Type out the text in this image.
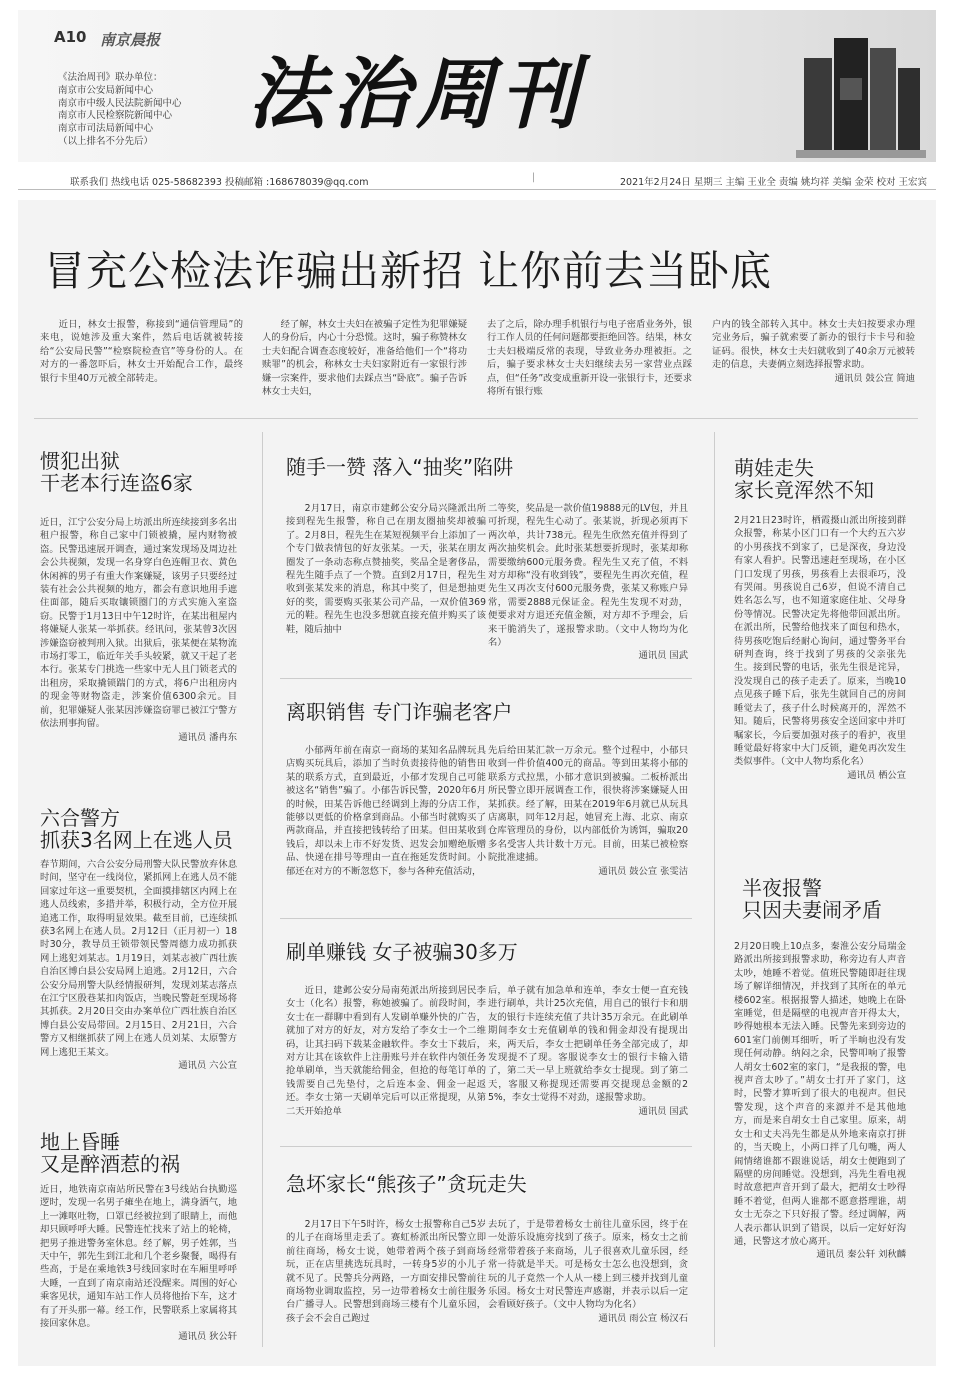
A10 南京晨报
《法治周刊》联办单位：
南京市公安局新闻中心
南京市中级人民法院新闻中心
南京市人民检察院新闻中心
南京市司法局新闻中心
（以上排名不分先后）
法治周刊
联系我们 热线电话 025-58682393 投稿邮箱 :168678039@qq.com	|	2021年2月24日 星期三 主编 王业全 责编 姚均祥 美编 金荣 校对 王宏宾
冒充公检法诈骗出新招 让你前去当卧底
近日，林女士报警，称接到“通信管理局”的来电，说她涉及重大案件，然后电话就被转接给“公安局民警”“检察院检查官”等身份的人。在对方的一番忽吓后，林女士开始配合工作，最终银行卡里40万元被全部转走。
经了解，林女士夫妇在被骗子定性为犯罪嫌疑人的身份后，内心十分恐慌。这时，骗子称赞林女士夫妇配合调查态度较好，准备给他们一个“将功赎罪”的机会，称林女士夫妇家附近有一家银行涉嫌一宗案件，要求他们去踩点当“卧底”。骗子告诉林女士夫妇，
去了之后，除办理手机银行与电子密盾业务外，银行工作人员的任何问题都要拒绝回答。结果，林女士夫妇极端反常的表现，导致业务办理被拒。之后，骗子要求林女士夫妇继续去另一家营业点踩点，但“任务”改变成重新开设一张银行卡，还要求将所有银行账
户内的钱全部转入其中。林女士夫妇按要求办理完业务后，骗子就索要了新办的银行卡卡号和验证码。很快，林女士夫妇就收到了40余万元被转走的信息，夫妻俩立刻选择报警求助。
通讯员 鼓公宣 简迪
惯犯出狱
干老本行连盗6家
近日，江宁公安分局上坊派出所连续接到多名出租户报警，称自己家中门锁被撬，屋内财物被盗。民警迅速展开调查，通过案发现场及周边社会公共视频，发现一名身穿白色连帽卫衣、黄色休闲裤的男子有重大作案嫌疑，该男子只要经过装有社会公共视频的地方，都会有意识地用手遮住面部，随后买取镶锁圈门的方式实施入室盗窃。民警于1月13日中午12时许，在某出租屋内将嫌疑人张某一举抓获。经讯问，张某曾3次因涉嫌盗窃被判刑入狱。出狱后，张某便在某物流市场打零工，临近年关手头较紧，就又干起了老本行。张某专门挑选一些家中无人且门锁老式的出租房，采取撬锁踹门的方式，将6户出租房内的现金等财物盗走，涉案价值6300余元。目前，犯罪嫌疑人张某因涉嫌盗窃罪已被江宁警方依法刑事拘留。
通讯员 潘冉东
六合警方
抓获3名网上在逃人员
春节期间，六合公安分局刑警大队民警放弃休息时间，坚守在一线岗位，紧抓网上在逃人员不能回家过年这一重要契机，全面摸排辖区内网上在逃人员线索，多措并举，积极行动，全方位开展追逃工作，取得明显效果。截至目前，已连续抓获3名网上在逃人员。2月12日（正月初一）18时30分，教导员王锁带领民警周德力成功抓获网上逃犯刘某志。1月19日，刘某志被广西壮族自治区博白县公安局网上追逃。2月12日，六合公安分局刑警大队经情报研判，发现刘某志落点在江宁区殷巷某扣肉饭店，当晚民警赶至现场将其抓获。2月20日交由办案单位广西壮族自治区博白县公安局带回。2月15日、2月21日，六合警方又相继抓获了网上在逃人员刘某、太原警方网上逃犯王某文。
通讯员 六公宣
地上昏睡
又是醉酒惹的祸
近日，地铁南京南站所民警在3号线站台执勤巡逻时，发现一名男子瘫坐在地上，满身酒气，地上一滩呕吐物，口罩已经被拉到了眼睛上，而他却只顾呼呼大睡。民警连忙找来了站上的轮椅，把男子推进警务室休息。经了解，男子姓郭，当天中午，郭先生到江北和几个老乡聚餐，喝得有些高，于是在乘地铁3号线回家时在车厢里呼呼大睡，一直到了南京南站还没醒来。周围的好心乘客见状，通知车站工作人员将他抬下车，这才有了开头那一幕。经工作，民警联系上家属将其接回家休息。
通讯员 狄公轩
随手一赞 落入“抽奖”陷阱
2月17日，南京市建邺公安分局兴隆派出所接到程先生报警，称自己在朋友圈抽奖却被骗了。2月8日，程先生在某短视频平台上添加了一个专门做表情包的好友张某。一天，张某在朋友圈发了一条动态称点赞抽奖，奖品全是奢侈品，程先生随手点了一个赞。直到2月17日，程先生收到张某发来的消息，称其中奖了，但是想抽更好的奖，需要购买张某公司产品，一双价值369元的鞋。程先生也没多想就直接充值并购买了该鞋，随后抽中
二等奖，奖品是一款价值19888元的LV包，并且可折现，程先生心动了。张某说，折现必须再下两次单，共计738元。程先生欣然充值并得到了两次抽奖机会。此时张某想要折现时，张某却称需要缴纳600元服务费。程先生又充了值，不料对方却称“没有收到钱”，要程先生再次充值，程先生又再次支付600元服务费，张某又称账户异常，需要2888元保证金。程先生发现不对劲，便要求对方退还充值金额，对方却不予理会，后来干脆消失了，遂报警求助。（文中人物均为化名）
通讯员 国武
离职销售 专门诈骗老客户
小郁两年前在南京一商场的某知名品牌玩具店购买玩具后，添加了当时负责接待他的销售田某的联系方式，直到最近，小郁才发现自己可能被这名“销售”骗了。小郁告诉民警，2020年6月的时候，田某告诉他已经调到上海的分店工作，能够以更低的价格拿到商品。小郁当时就购买了两款商品，并直接把钱转给了田某。但田某收到钱后，却以未上市不好发货、迟发会加赠绝版赠品、快递在排号等理由一直在拖延发货时间。小郁还在对方的不断忽悠下，参与各种充值活动，
先后给田某汇款一万余元。整个过程中，小郁只收到一件价值400元的商品。等到田某将小郁的联系方式拉黑，小郁才意识到被骗。二板桥派出所民警立即开展调查工作，很快将涉案嫌疑人田某抓获。经了解，田某在2019年6月就已从玩具店离职，同年12月起，她冒充上海、北京、南京仓库管理员的身份，以内部低价为诱饵，骗取20多名受害人共计数十万元。目前，田某已被检察院批准逮捕。
通讯员 鼓公宣 张雯洁
刷单赚钱 女子被骗30多万
近日，建邺公安分局南苑派出所接到居民李女士（化名）报警，称她被骗了。前段时间，李女士在一群聊中看到有人发刷单赚外快的广告，就加了对方的好友，对方发给了李女士一个二维码，让其扫码下载某金融软件。李女士下载后，对方让其在该软件上注册账号并在软件内领任务抢单刷单，当天就能给佣金，但抢的每笔订单的钱需要自己先垫付，之后连本金、佣金一起返还。李女士第一天刷单完后可以正常提现，从第二天开始抢单
后，单子就有加急单和连单，李女士便一直充钱进行刷单，共计25次充值，用自己的银行卡和朋友的银行卡连续充值了共计35万余元。在此刷单期间李女士充值刷单的钱和佣金却没有提现出来，两天后，李女士把刷单任务全部完成了，却发现提不了现。客服说李女士的银行卡输入错了，第二天一早上班就给李女士提现。到了第二天，客服又称提现还需要再交提现总金额的25%，李女士觉得不对劲，遂报警求助。
通讯员 国武
急坏家长“熊孩子”贪玩走失
2月17日下午5时许，杨女士报警称自己5岁的儿子在商场里走丢了。赛虹桥派出所民警立即前往商场，杨女士说，她带着两个孩子到商场玩，正在店里挑选玩具时，一转身5岁的小儿子就不见了。民警兵分两路，一方面安排民警前往商场物业调取监控，另一边带着杨女士前往服务台广播寻人。民警想到商场三楼有个儿童乐园，孩子会不会自己跑过
去玩了，于是带着杨女士前往儿童乐园，终于在一处游乐设施旁找到了孩子。原来，杨女士之前经常带着孩子来商场，儿子很喜欢儿童乐园，经常一待就是半天。可是杨女士怎么也没想到，贪玩的儿子竟然一个人从一楼上到三楼并找到儿童乐园。杨女士对民警连声感谢，并表示以后一定会看顾好孩子。（文中人物均为化名）
通讯员 雨公宣 杨汉石
萌娃走失
家长竟浑然不知
2月21日23时许，栖霞摄山派出所接到群众报警，称某小区门口有一个大约五六岁的小男孩找不到家了，已是深夜，身边没有家人看护。民警迅速赶至现场，在小区门口发现了男孩，男孩看上去很乖巧，没有哭闹。男孩说自己6岁，但说不清自己姓名怎么写，也不知道家庭住址、父母身份等情况。民警决定先将他带回派出所。在派出所，民警给他找来了面包和热水，待男孩吃饱后经耐心询问，通过警务平台研判查询，终于找到了男孩的父亲张先生。接到民警的电话，张先生很是诧异，没发现自己的孩子走丢了。原来，当晚10点见孩子睡下后，张先生就回自己的房间睡觉去了，孩子什么时候离开的，浑然不知。随后，民警将男孩安全送回家中并叮嘱家长，今后要加强对孩子的看护，夜里睡觉最好将家中大门反锁，避免再次发生类似事件。（文中人物均系化名）
通讯员 栖公宣
半夜报警
只因夫妻闹矛盾
2月20日晚上10点多，秦淮公安分局瑞金路派出所接到报警求助，称旁边有人声音太吵，她睡不着觉。值班民警随即赶往现场了解详细情况，并找到了其所在的单元楼602室。根据报警人描述，她晚上在卧室睡觉，但是隔壁的电视声音开得太大，吵得她根本无法入睡。民警先来到旁边的601室门前侧耳细听，听了半晌也没有发现任何动静。纳闷之余，民警叩响了报警人胡女士602室的家门，“是我报的警，电视声音太吵了。”胡女士打开了家门，这时，民警才算听到了很大的电视声。但民警发现，这个声音的来源并不是其他地方，而是来自胡女士自己家里。原来，胡女士和丈夫冯先生都是从外地来南京打拼的，当天晚上，小两口拌了几句嘴，两人闹情绪谁都不跟谁说话，胡女士便跑到了隔壁的房间睡觉。没想到，冯先生看电视时故意把声音开到了最大，把胡女士吵得睡不着觉，但两人谁都不愿意搭理谁，胡女士无奈之下只好报了警。经过调解，两人表示都认识到了错误，以后一定好好沟通，民警这才放心离开。
通讯员 秦公轩 刘秋麟
